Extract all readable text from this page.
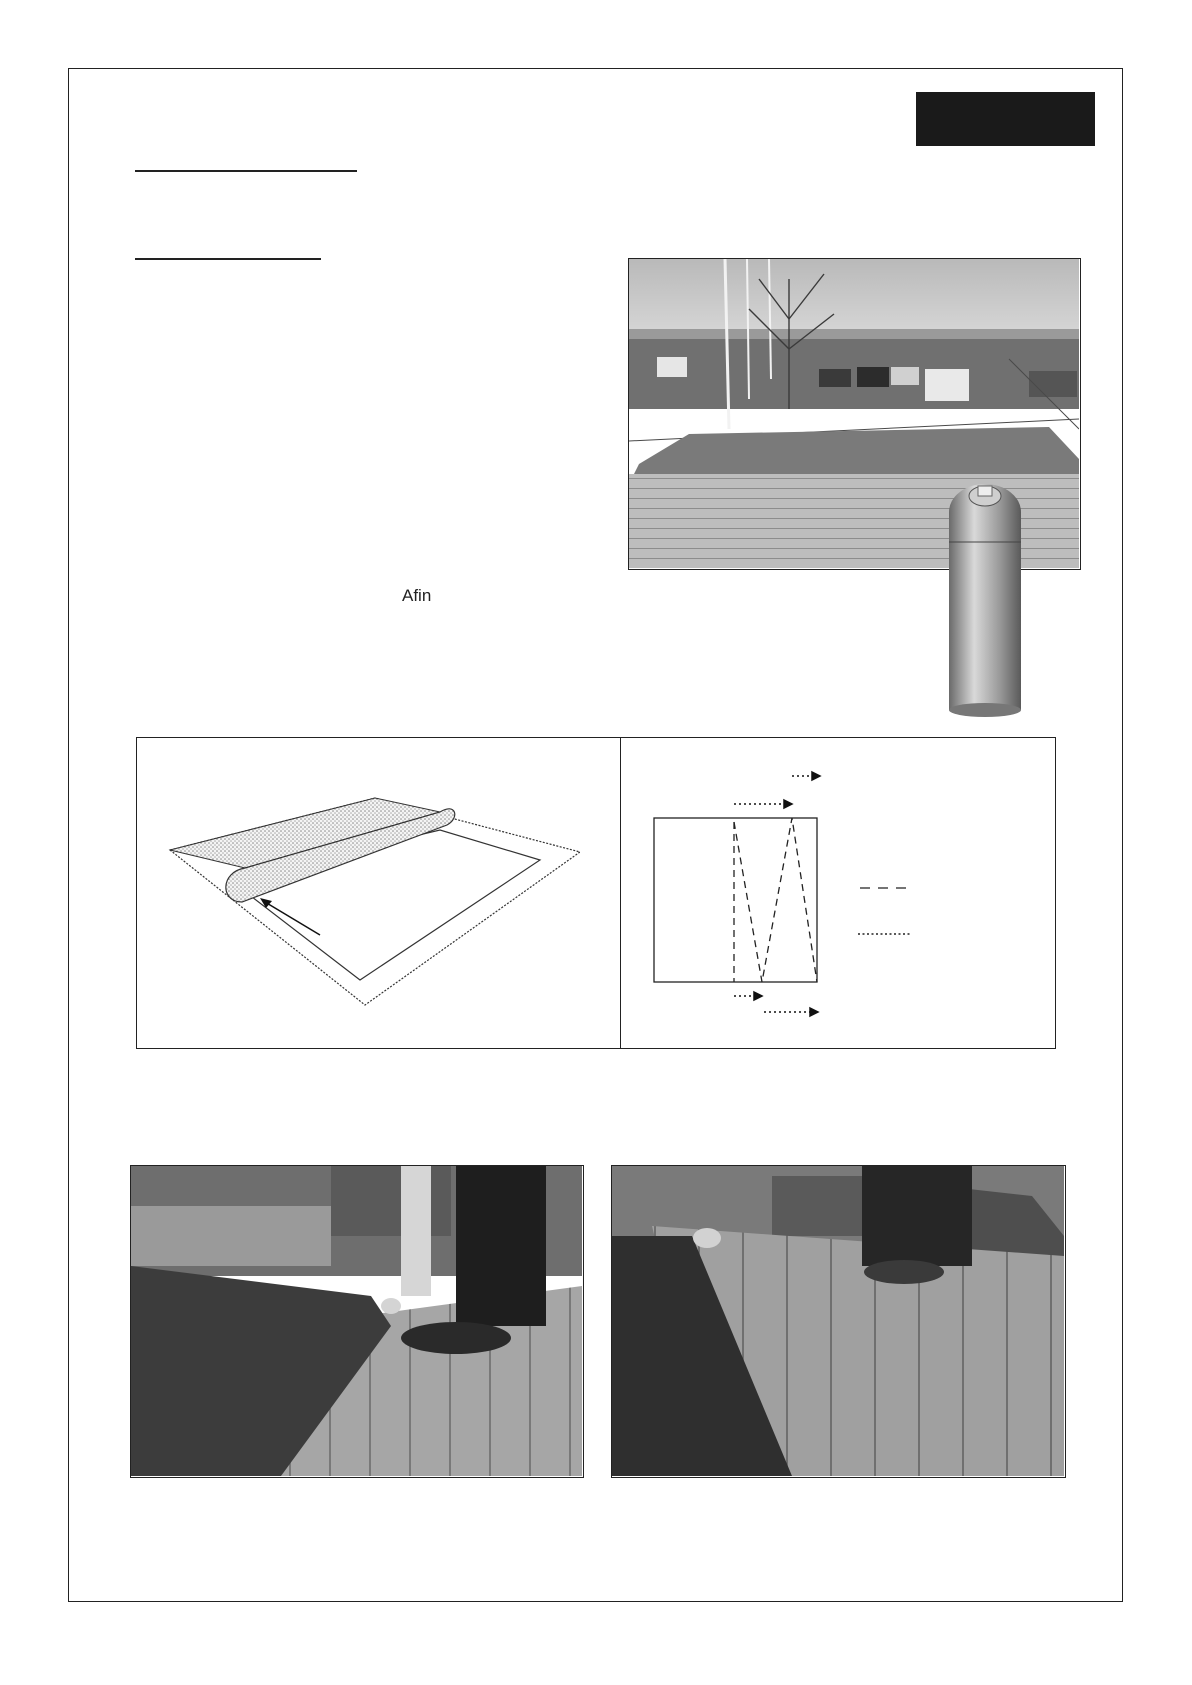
Afin
